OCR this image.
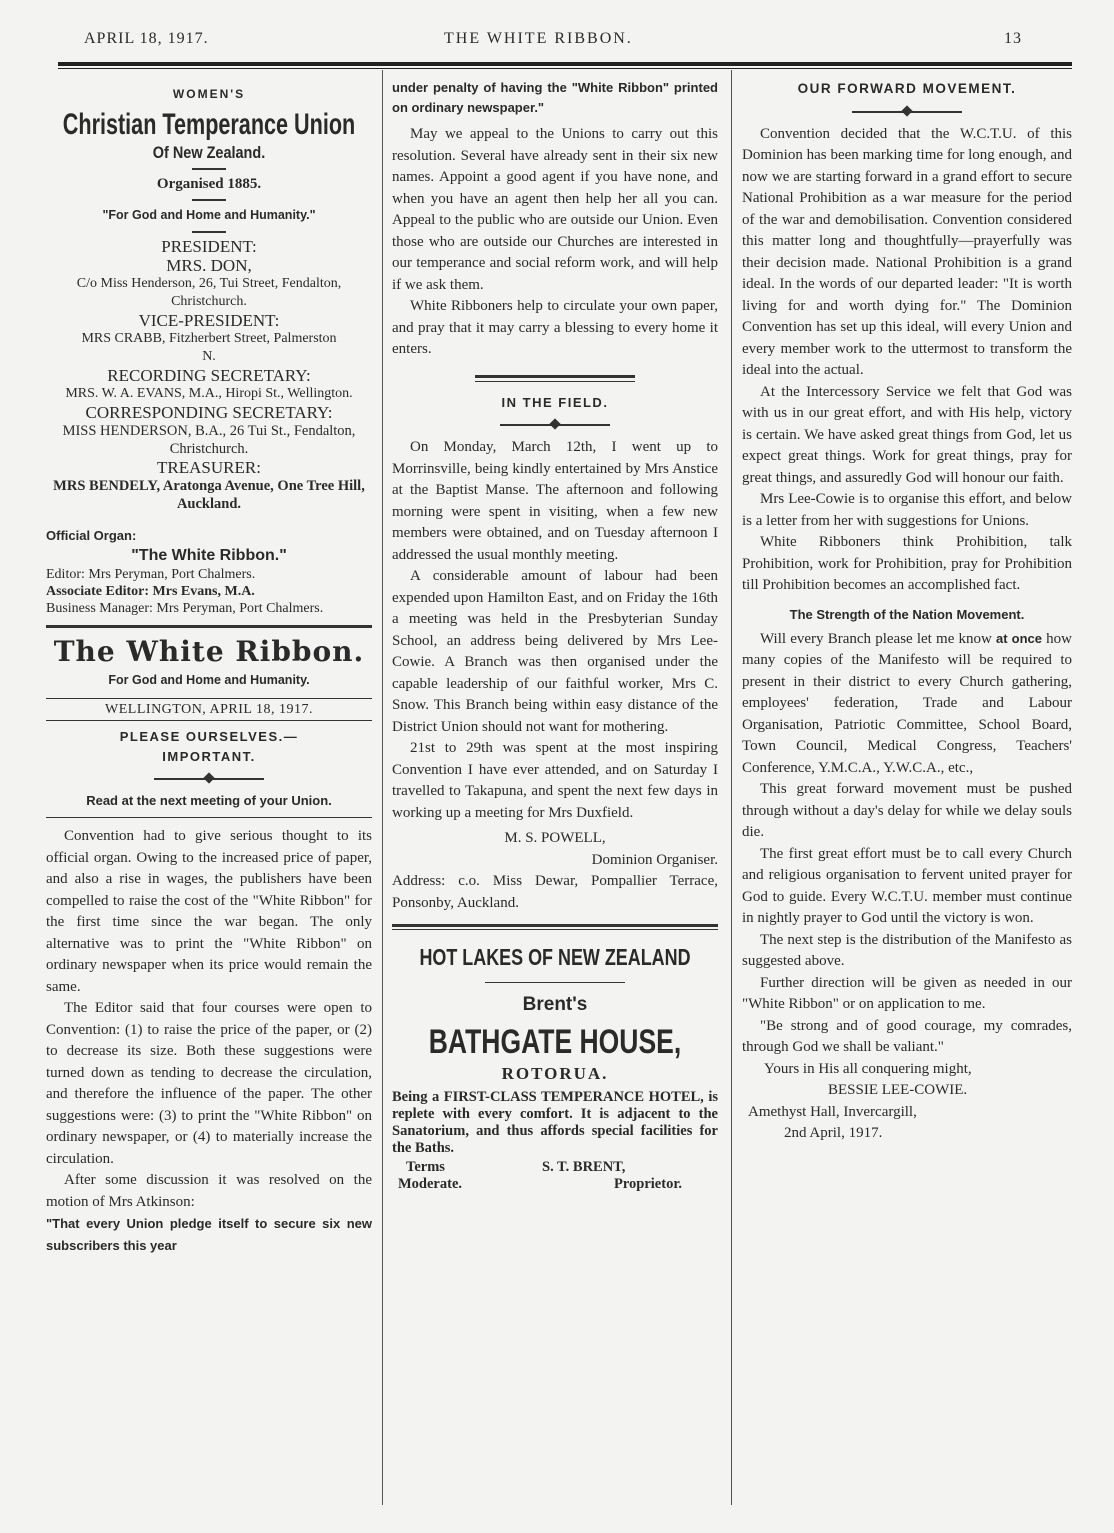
APRIL 18, 1917.	THE WHITE RIBBON.	13
WOMEN'S
Christian Temperance Union
Of New Zealand.
Organised 1885.
"For God and Home and Humanity."
PRESIDENT:
MRS. DON,
C/o Miss Henderson, 26, Tui Street, Fendalton, Christchurch.
VICE-PRESIDENT:
MRS CRABB, Fitzherbert Street, Palmerston N.
RECORDING SECRETARY:
MRS. W. A. EVANS, M.A., Hiropi St., Wellington.
CORRESPONDING SECRETARY:
MISS HENDERSON, B.A., 26 Tui St., Fendalton, Christchurch.
TREASURER:
MRS BENDELY, Aratonga Avenue, One Tree Hill, Auckland.
Official Organ:
"The White Ribbon."
Editor: Mrs Peryman, Port Chalmers.
Associate Editor: Mrs Evans, M.A.
Business Manager: Mrs Peryman, Port Chalmers.
The White Ribbon.
For God and Home and Humanity.
WELLINGTON, APRIL 18, 1917.
PLEASE OURSELVES.— IMPORTANT.
Read at the next meeting of your Union.

Convention had to give serious thought to its official organ. Owing to the increased price of paper, and also a rise in wages, the publishers have been compelled to raise the cost of the "White Ribbon" for the first time since the war began. The only alternative was to print the "White Ribbon" on ordinary newspaper when its price would remain the same.

The Editor said that four courses were open to Convention: (1) to raise the price of the paper, or (2) to decrease its size. Both these suggestions were turned down as tending to decrease the circulation, and therefore the influence of the paper. The other suggestions were: (3) to print the "White Ribbon" on ordinary newspaper, or (4) to materially increase the circulation.

After some discussion it was resolved on the motion of Mrs Atkinson:

"That every Union pledge itself to secure six new subscribers this year

under penalty of having the "White Ribbon" printed on ordinary newspaper."

May we appeal to the Unions to carry out this resolution. Several have already sent in their six new names. Appoint a good agent if you have none, and when you have an agent then help her all you can. Appeal to the public who are outside our Union. Even those who are outside our Churches are interested in our temperance and social reform work, and will help if we ask them.

White Ribboners help to circulate your own paper, and pray that it may carry a blessing to every home it enters.

IN THE FIELD.

On Monday, March 12th, I went up to Morrinsville, being kindly entertained by Mrs Anstice at the Baptist Manse. The afternoon and following morning were spent in visiting, when a few new members were obtained, and on Tuesday afternoon I addressed the usual monthly meeting.

A considerable amount of labour had been expended upon Hamilton East, and on Friday the 16th a meeting was held in the Presbyterian Sunday School, an address being delivered by Mrs Lee-Cowie. A Branch was then organised under the capable leadership of our faithful worker, Mrs C. Snow. This Branch being within easy distance of the District Union should not want for mothering.

21st to 29th was spent at the most inspiring Convention I have ever attended, and on Saturday I travelled to Takapuna, and spent the next few days in working up a meeting for Mrs Duxfield.

M. S. POWELL,
Dominion Organiser.

Address: c.o. Miss Dewar, Pompallier Terrace, Ponsonby, Auckland.

HOT LAKES OF NEW ZEALAND
Brent's
BATHGATE HOUSE,
ROTORUA.

Being a FIRST-CLASS TEMPERANCE HOTEL, is replete with every comfort. It is adjacent to the Sanatorium, and thus affords special facilities for the Baths.

Terms
Moderate.
S. T. BRENT,
Proprietor.
OUR FORWARD MOVEMENT.

Convention decided that the W.C.T.U. of this Dominion has been marking time for long enough, and now we are starting forward in a grand effort to secure National Prohibition as a war measure for the period of the war and demobilisation. Convention considered this matter long and thoughtfully—prayerfully was their decision made. National Prohibition is a grand ideal. In the words of our departed leader: "It is worth living for and worth dying for." The Dominion Convention has set up this ideal, will every Union and every member work to the uttermost to transform the ideal into the actual.

At the Intercessory Service we felt that God was with us in our great effort, and with His help, victory is certain. We have asked great things from God, let us expect great things. Work for great things, pray for great things, and assuredly God will honour our faith.

Mrs Lee-Cowie is to organise this effort, and below is a letter from her with suggestions for Unions.

White Ribboners think Prohibition, talk Prohibition, work for Prohibition, pray for Prohibition till Prohibition becomes an accomplished fact.

The Strength of the Nation Movement.

Will every Branch please let me know at once how many copies of the Manifesto will be required to present in their district to every Church gathering, employees' federation, Trade and Labour Organisation, Patriotic Committee, School Board, Town Council, Medical Congress, Teachers' Conference, Y.M.C.A., Y.W.C.A., etc.,

This great forward movement must be pushed through without a day's delay for while we delay souls die.

The first great effort must be to call every Church and religious organisation to fervent united prayer for God to guide. Every W.C.T.U. member must continue in nightly prayer to God until the victory is won.

The next step is the distribution of the Manifesto as suggested above.

Further direction will be given as needed in our "White Ribbon" or on application to me.

"Be strong and of good courage, my comrades, through God we shall be valiant."

Yours in His all conquering might,
BESSIE LEE-COWIE.
Amethyst Hall, Invercargill,
2nd April, 1917.
